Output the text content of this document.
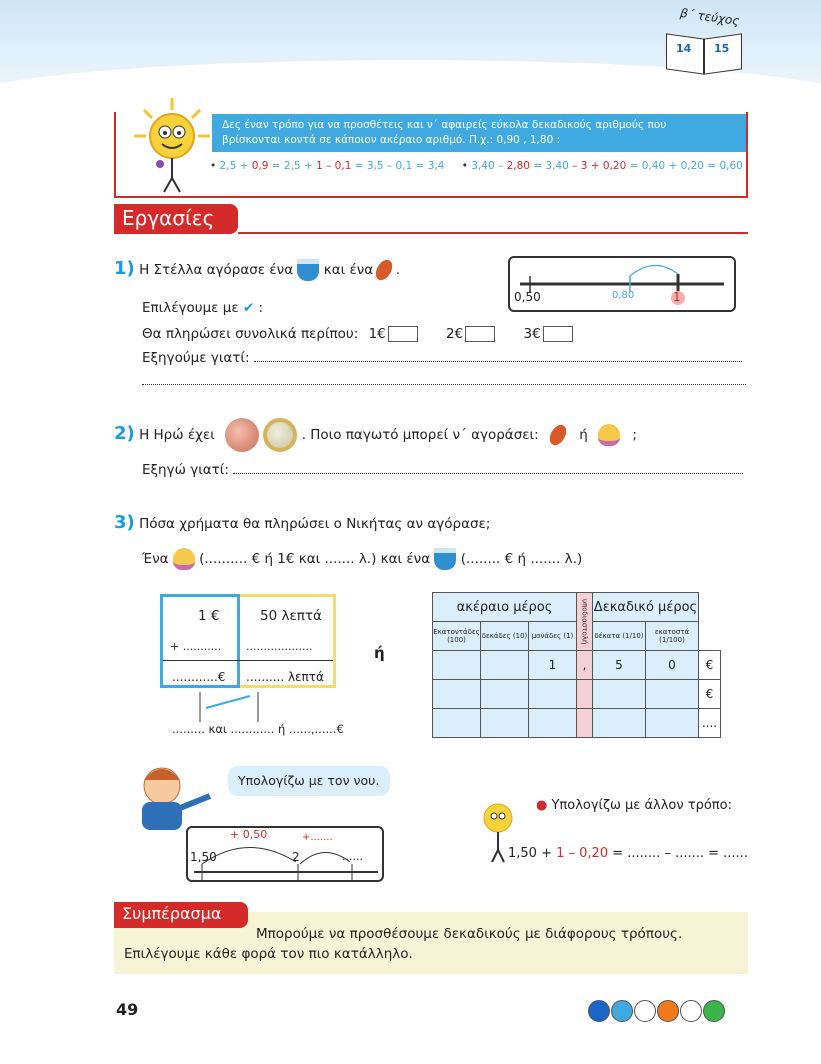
β΄ τεύχος
14 15
Δες έναν τρόπο για να προσθέτεις και ν΄ αφαιρείς εύκολα δεκαδικούς αριθμούς που
βρίσκονται κοντά σε κάποιον ακέραιο αριθμό. Π.χ.: 0,90 , 1,80 :
• 2,5 + 0,9 = 2,5 + 1 – 0,1 = 3,5 – 0,1 = 3,4 • 3,40 – 2,80 = 3,40 – 3 + 0,20 = 0,40 + 0,20 = 0,60
Εργασίες
1) Η Στέλλα αγόρασε ένα και ένα .
0,50	0,80	1
Επιλέγουμε με ✔ :
Θα πληρώσει συνολικά περίπου: 1€	2€	3€
Εξηγούμε γιατί:
2) Η Ηρώ έχει	. Ποιο παγωτό μπορεί ν΄ αγοράσει:	ή	;
Εξηγώ γιατί:
3) Πόσα χρήματα θα πληρώσει ο Νικήτας αν αγόρασε;
Ένα (.......... € ή 1€ και ....... λ.) και ένα (........ € ή ....... λ.)
1 €	50 λεπτά
+ ........... ...................
............€ .......... λεπτά
......... και ............ ή ......,......€
ή
ακέραιο μέρος			υποδιαστολή	Δεκαδικό μέρος		
Εκατοντάδες (100)	δεκάδες (10)	μονάδες (1)		δέκατα (1/10)	εκατοστά (1/100)	
		1	,	5	0	€
						€
						....
Υπολογίζω με τον νου.
+ 0,50	+.......
1,50	2	......
● Υπολογίζω με άλλον τρόπο:
1,50 + 1 – 0,20 = ........ – ....... = ......
Συμπέρασμα
Μπορούμε να προσθέσουμε δεκαδικούς με διάφορους τρόπους.
Επιλέγουμε κάθε φορά τον πιο κατάλληλο.
49
